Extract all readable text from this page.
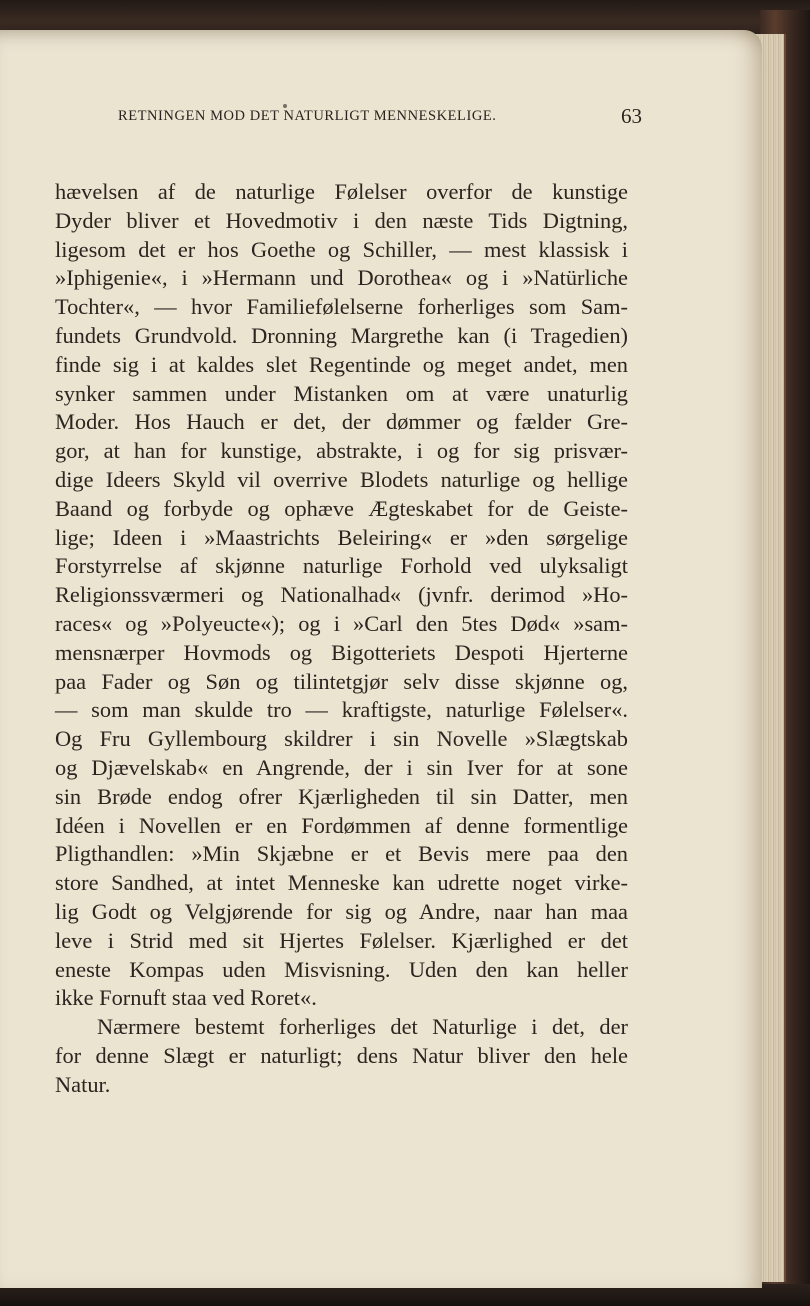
RETNINGEN MOD DET NATURLIGT MENNESKELIGE.	63

hævelsen af de naturlige Følelser overfor de kunstige
Dyder bliver et Hovedmotiv i den næste Tids Digtning,
ligesom det er hos Goethe og Schiller, — mest klassisk i
»Iphigenie«, i »Hermann und Dorothea« og i »Natürliche
Tochter«, — hvor Familiefølelserne forherliges som Sam-
fundets Grundvold. Dronning Margrethe kan (i Tragedien)
finde sig i at kaldes slet Regentinde og meget andet, men
synker sammen under Mistanken om at være unaturlig
Moder. Hos Hauch er det, der dømmer og fælder Gre-
gor, at han for kunstige, abstrakte, i og for sig prisvær-
dige Ideers Skyld vil overrive Blodets naturlige og hellige
Baand og forbyde og ophæve Ægteskabet for de Geiste-
lige; Ideen i »Maastrichts Beleiring« er »den sørgelige
Forstyrrelse af skjønne naturlige Forhold ved ulyksaligt
Religionssværmeri og Nationalhad« (jvnfr. derimod »Ho-
races« og »Polyeucte«); og i »Carl den 5tes Død« »sam-
mensnærper Hovmods og Bigotteriets Despoti Hjerterne
paa Fader og Søn og tilintetgjør selv disse skjønne og,
— som man skulde tro — kraftigste, naturlige Følelser«.
Og Fru Gyllembourg skildrer i sin Novelle »Slægtskab
og Djævelskab« en Angrende, der i sin Iver for at sone
sin Brøde endog ofrer Kjærligheden til sin Datter, men
Idéen i Novellen er en Fordømmen af denne formentlige
Pligthandlen: »Min Skjæbne er et Bevis mere paa den
store Sandhed, at intet Menneske kan udrette noget virke-
lig Godt og Velgjørende for sig og Andre, naar han maa
leve i Strid med sit Hjertes Følelser. Kjærlighed er det
eneste Kompas uden Misvisning. Uden den kan heller
ikke Fornuft staa ved Roret«.

Nærmere bestemt forherliges det Naturlige i det, der
for denne Slægt er naturligt; dens Natur bliver den hele
Natur.
